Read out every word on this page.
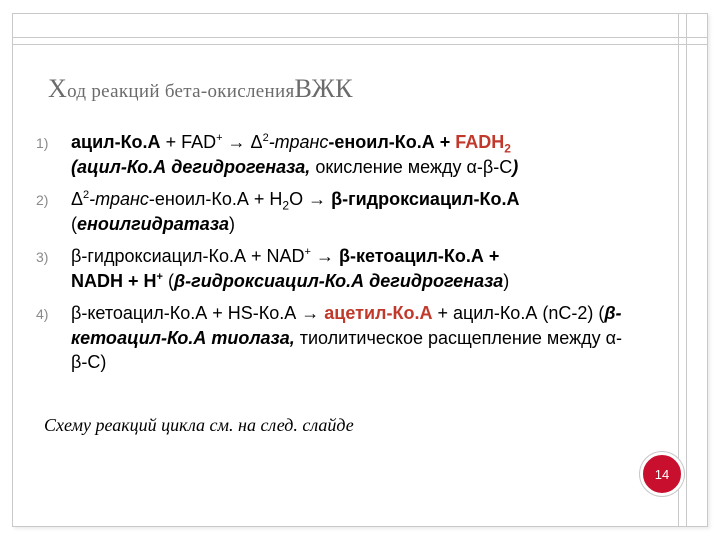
Ход реакций бета-окисленияВЖК
1) ацил-Ко.А + $FAD^+ \to \Delta^2-транс-еноил-Ко.А$ + $FADH_2$
(ацил-Ко.А дегидрогеназа, окисление между α-β-С)
2) $\Delta^2-транс-еноил-Ко.А + H_2O$ → β-гидроксиацил-Ко.А
(еноилгидратаза)
3) β-гидроксиацил-Ко.А + NAD+ → β-кетоацил-Ко.А +
NADH + H+ (β-гидроксиацил-Ко.А дегидрогеназа)
4) β-кетоацил-Ко.А + HS-Ко.А → ацетил-Ко.А + ацил-Ко.А (nС-2) (β-кетоацил-Ко.А тиолаза, тиолитическое расщепление между α-β-С)
Схему реакций цикла см. на след. слайде
14
